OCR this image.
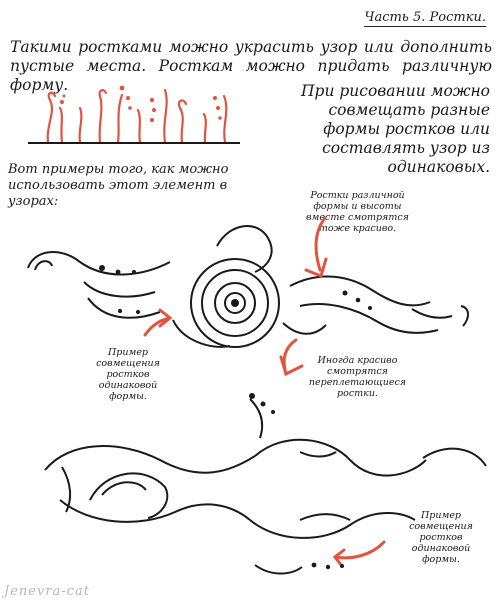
Часть 5. Ростки.
Такими ростками можно украсить узор или дополнить пустые места. Росткам можно придать различную форму.	При рисовании можно совмещать разные формы ростков или составлять узор из одинаковых.
Вот примеры того, как можно использовать этот элемент в узорах:	Ростки различной формы и высоты вместе смотрятся тоже красиво.
Пример совмещения ростков одинаковой формы.
Иногда красиво смотрятся переплетающиеся ростки.
Пример совмещения ростков одинаковой формы.
Jenevra-cat
